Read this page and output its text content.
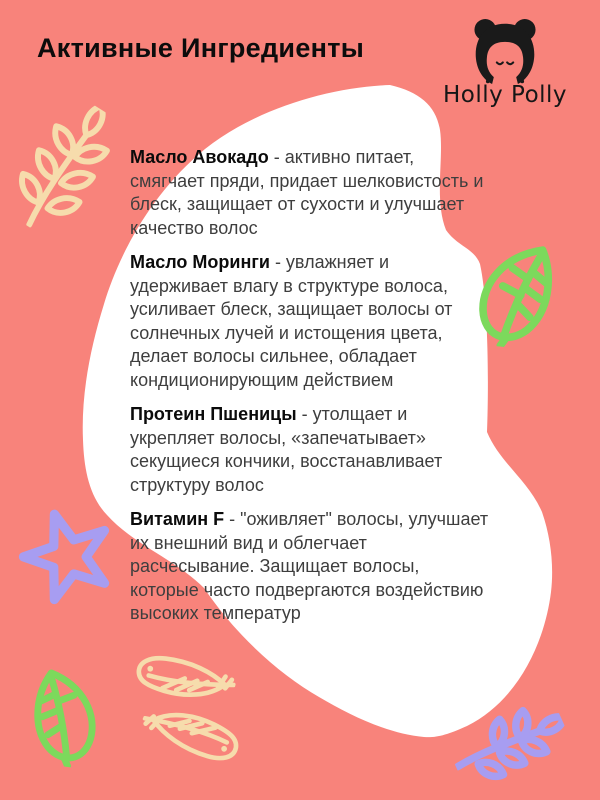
Активные Ингредиенты
Holly Polly

Масло Авокадо - активно питает, смягчает пряди, придает шелковистость и блеск, защищает от сухости и улучшает качество волос

Масло Моринги - увлажняет и удерживает влагу в структуре волоса, усиливает блеск, защищает волосы от солнечных лучей и истощения цвета, делает волосы сильнее, обладает кондиционирующим действием

Протеин Пшеницы - утолщает и укрепляет волосы, «запечатывает» секущиеся кончики, восстанавливает структуру волос

Витамин F - "оживляет" волосы, улучшает их внешний вид и облегчает расчесывание. Защищает волосы, которые часто подвергаются воздействию высоких температур
